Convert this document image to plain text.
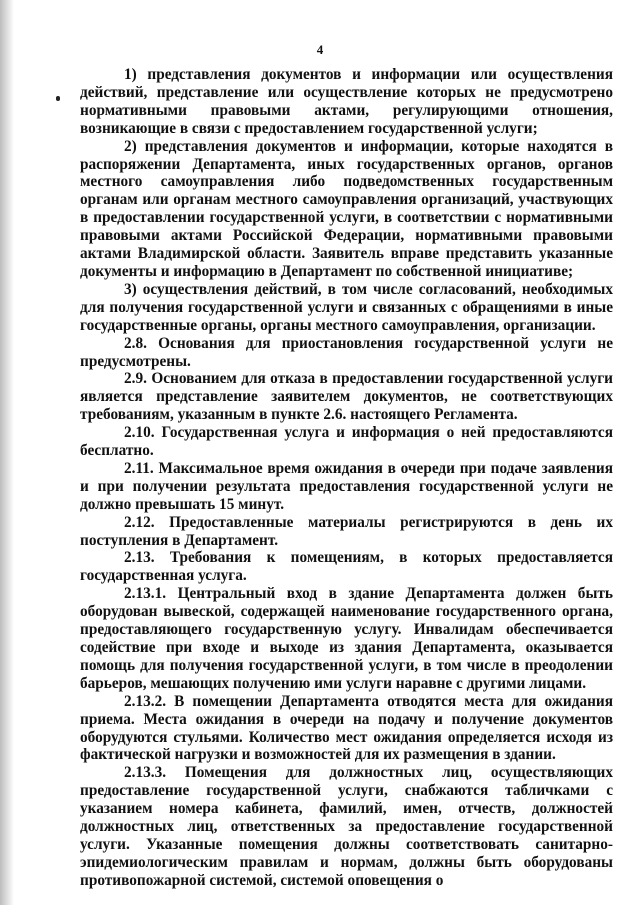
4

1) представления документов и информации или осуществления действий, представление или осуществление которых не предусмотрено нормативными правовыми актами, регулирующими отношения, возникающие в связи с предоставлением государственной услуги;

2) представления документов и информации, которые находятся в распоряжении Департамента, иных государственных органов, органов местного самоуправления либо подведомственных государственным органам или органам местного самоуправления организаций, участвующих в предоставлении государственной услуги, в соответствии с нормативными правовыми актами Российской Федерации, нормативными правовыми актами Владимирской области. Заявитель вправе представить указанные документы и информацию в Департамент по собственной инициативе;

3) осуществления действий, в том числе согласований, необходимых для получения государственной услуги и связанных с обращениями в иные государственные органы, органы местного самоуправления, организации.

2.8. Основания для приостановления государственной услуги не предусмотрены.

2.9. Основанием для отказа в предоставлении государственной услуги является представление заявителем документов, не соответствующих требованиям, указанным в пункте 2.6. настоящего Регламента.

2.10. Государственная услуга и информация о ней предоставляются бесплатно.

2.11. Максимальное время ожидания в очереди при подаче заявления и при получении результата предоставления государственной услуги не должно превышать 15 минут.

2.12. Предоставленные материалы регистрируются в день их поступления в Департамент.

2.13. Требования к помещениям, в которых предоставляется государственная услуга.

2.13.1. Центральный вход в здание Департамента должен быть оборудован вывеской, содержащей наименование государственного органа, предоставляющего государственную услугу. Инвалидам обеспечивается содействие при входе и выходе из здания Департамента, оказывается помощь для получения государственной услуги, в том числе в преодолении барьеров, мешающих получению ими услуги наравне с другими лицами.

2.13.2. В помещении Департамента отводятся места для ожидания приема. Места ожидания в очереди на подачу и получение документов оборудуются стульями. Количество мест ожидания определяется исходя из фактической нагрузки и возможностей для их размещения в здании.

2.13.3. Помещения для должностных лиц, осуществляющих предоставление государственной услуги, снабжаются табличками с указанием номера кабинета, фамилий, имен, отчеств, должностей должностных лиц, ответственных за предоставление государственной услуги. Указанные помещения должны соответствовать санитарно-эпидемиологическим правилам и нормам, должны быть оборудованы противопожарной системой, системой оповещения о
